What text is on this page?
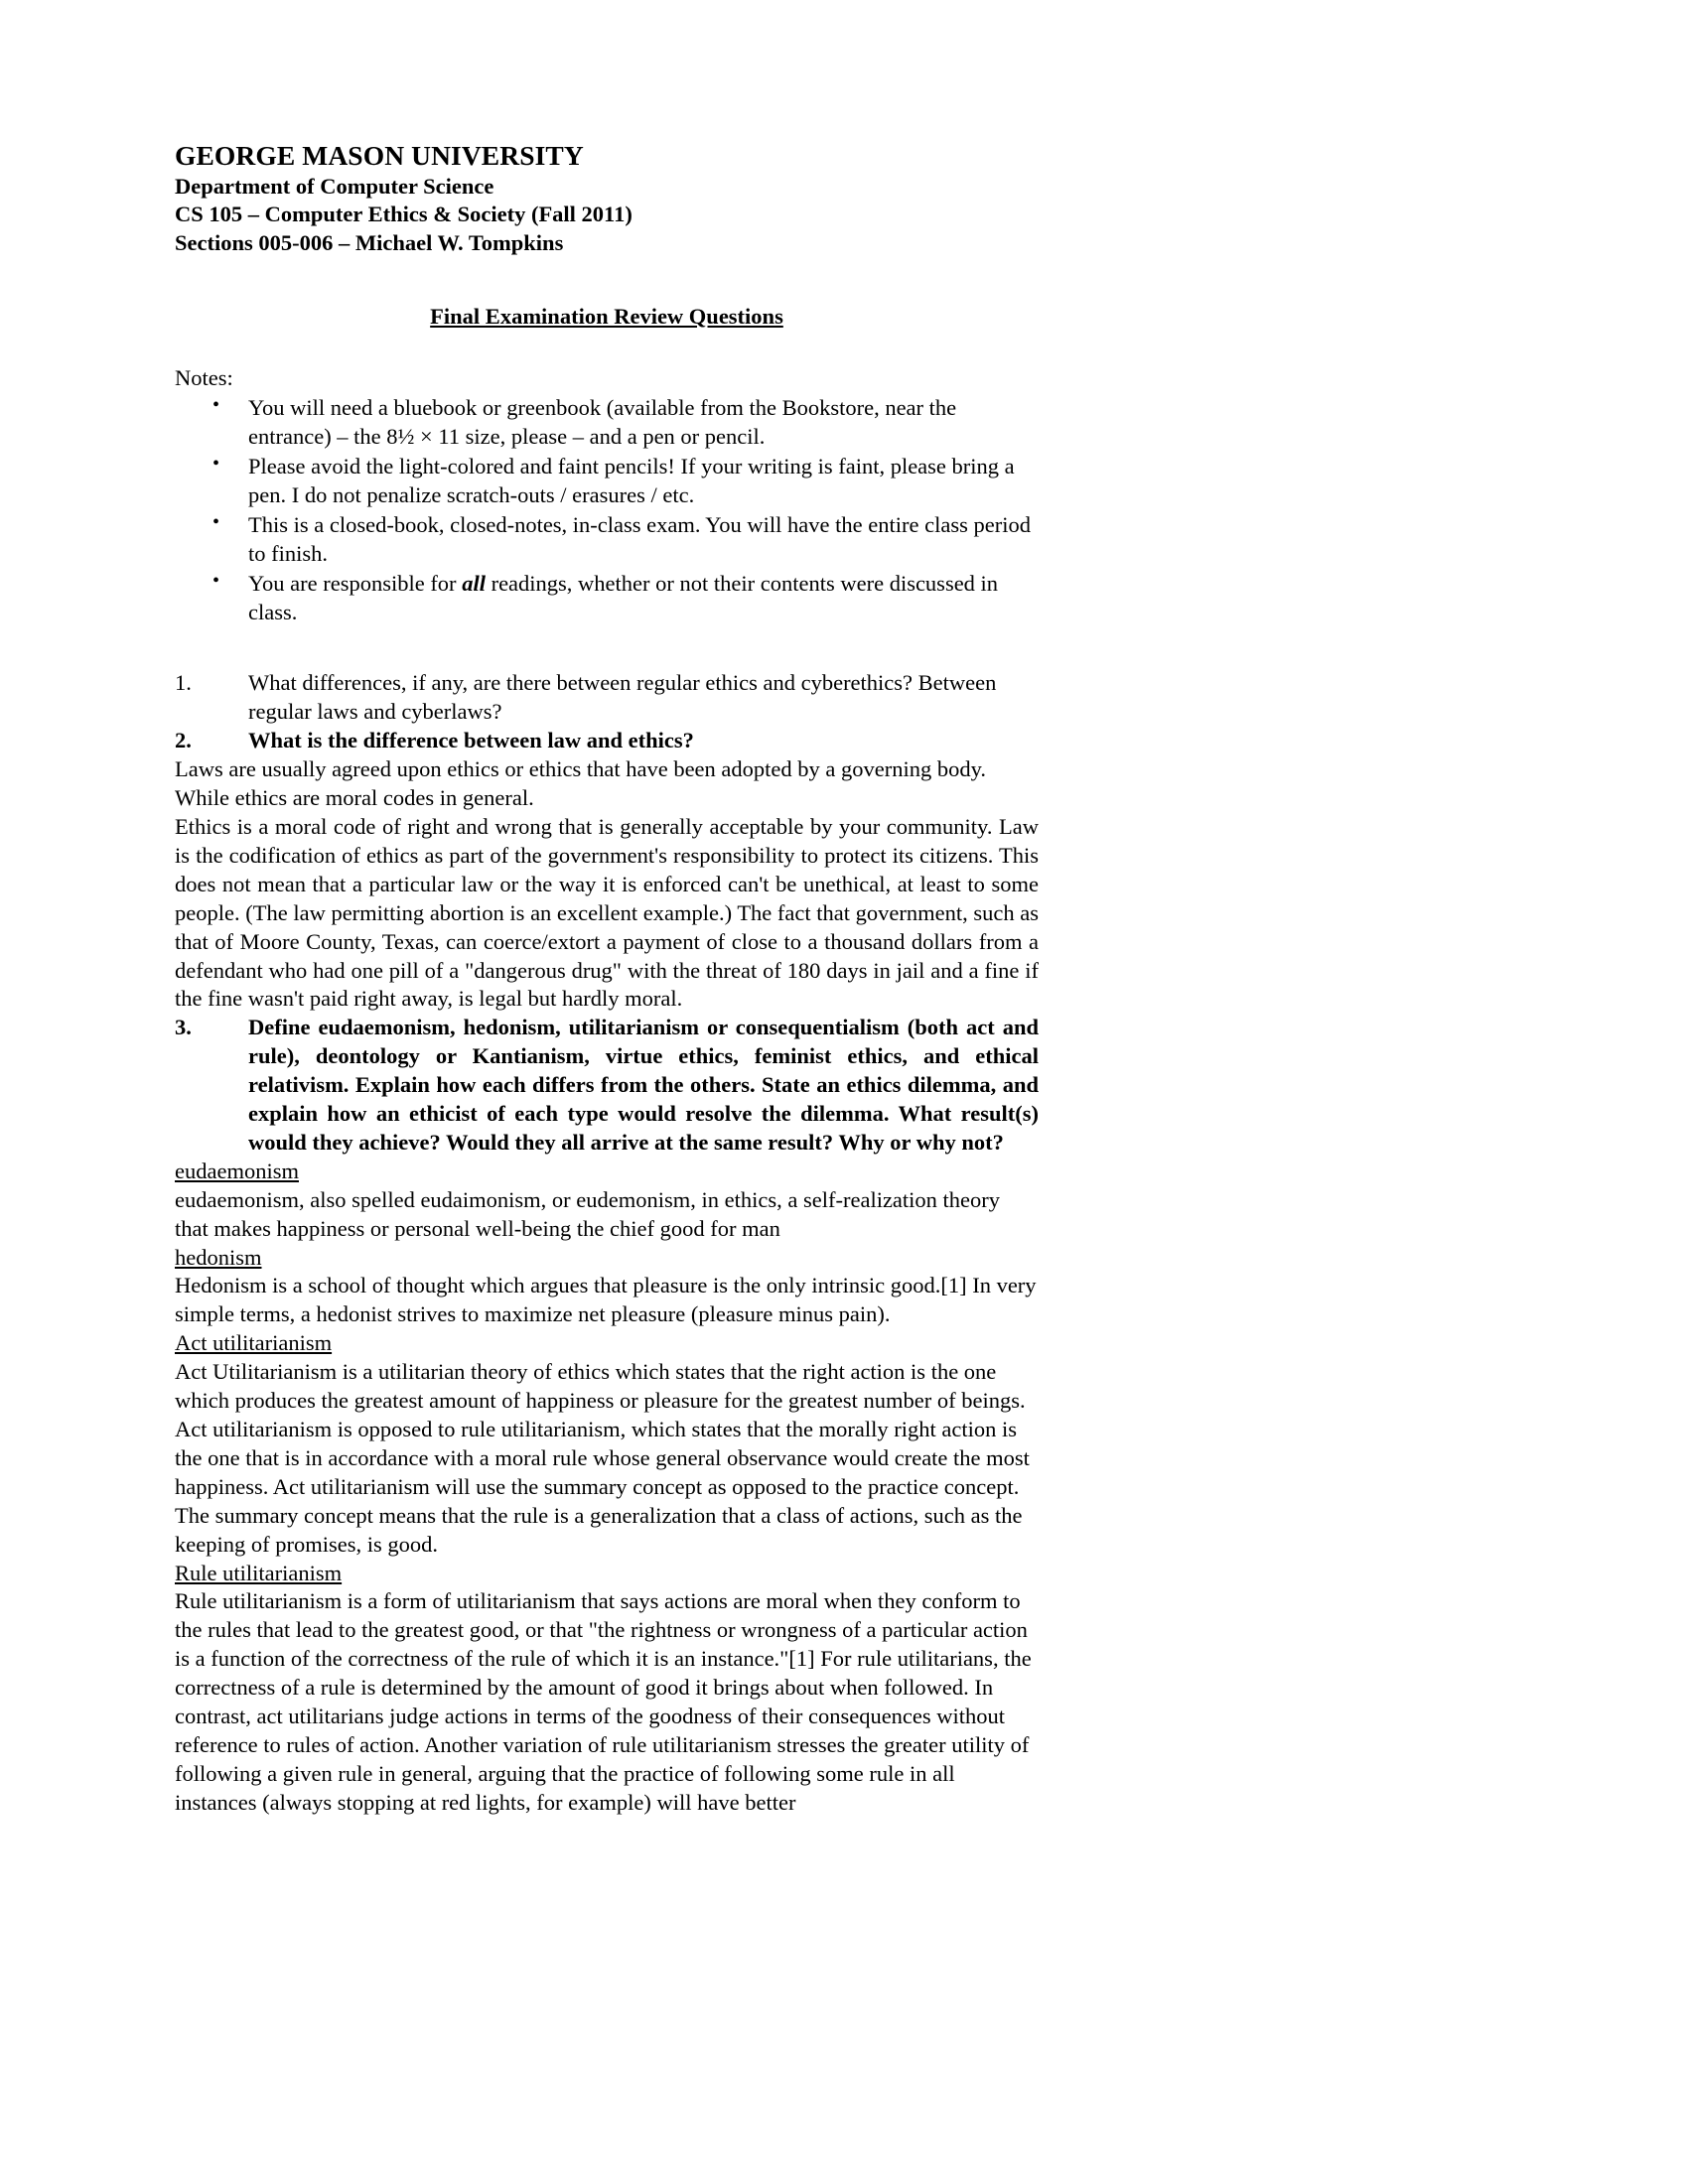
GEORGE MASON UNIVERSITY

Department of Computer Science

CS 105 – Computer Ethics & Society (Fall 2011)

Sections 005-006 – Michael W. Tompkins

Final Examination Review Questions

Notes:

• You will need a bluebook or greenbook (available from the Bookstore, near the entrance) – the 8½ × 11 size, please – and a pen or pencil.
• Please avoid the light-colored and faint pencils! If your writing is faint, please bring a pen. I do not penalize scratch-outs / erasures / etc.
• This is a closed-book, closed-notes, in-class exam. You will have the entire class period to finish.
• You are responsible for all readings, whether or not their contents were discussed in class.
1.	What differences, if any, are there between regular ethics and cyberethics? Between regular laws and cyberlaws?
2.	What is the difference between law and ethics?

Laws are usually agreed upon ethics or ethics that have been adopted by a governing body.

While ethics are moral codes in general.

Ethics is a moral code of right and wrong that is generally acceptable by your community. Law is the codification of ethics as part of the government's responsibility to protect its citizens. This does not mean that a particular law or the way it is enforced can't be unethical, at least to some people. (The law permitting abortion is an excellent example.) The fact that government, such as that of Moore County, Texas, can coerce/extort a payment of close to a thousand dollars from a defendant who had one pill of a "dangerous drug" with the threat of 180 days in jail and a fine if the fine wasn't paid right away, is legal but hardly moral.

3.	Define eudaemonism, hedonism, utilitarianism or consequentialism (both act and rule), deontology or Kantianism, virtue ethics, feminist ethics, and ethical relativism. Explain how each differs from the others. State an ethics dilemma, and explain how an ethicist of each type would resolve the dilemma. What result(s) would they achieve? Would they all arrive at the same result? Why or why not?

eudaemonism

eudaemonism, also spelled eudaimonism, or eudemonism, in ethics, a self-realization theory that makes happiness or personal well-being the chief good for man

hedonism

Hedonism is a school of thought which argues that pleasure is the only intrinsic good.[1] In very simple terms, a hedonist strives to maximize net pleasure (pleasure minus pain).

Act utilitarianism

Act Utilitarianism is a utilitarian theory of ethics which states that the right action is the one which produces the greatest amount of happiness or pleasure for the greatest number of beings. Act utilitarianism is opposed to rule utilitarianism, which states that the morally right action is the one that is in accordance with a moral rule whose general observance would create the most happiness. Act utilitarianism will use the summary concept as opposed to the practice concept. The summary concept means that the rule is a generalization that a class of actions, such as the keeping of promises, is good.

Rule utilitarianism

Rule utilitarianism is a form of utilitarianism that says actions are moral when they conform to the rules that lead to the greatest good, or that "the rightness or wrongness of a particular action is a function of the correctness of the rule of which it is an instance."[1] For rule utilitarians, the correctness of a rule is determined by the amount of good it brings about when followed. In contrast, act utilitarians judge actions in terms of the goodness of their consequences without reference to rules of action. Another variation of rule utilitarianism stresses the greater utility of following a given rule in general, arguing that the practice of following some rule in all instances (always stopping at red lights, for example) will have better
